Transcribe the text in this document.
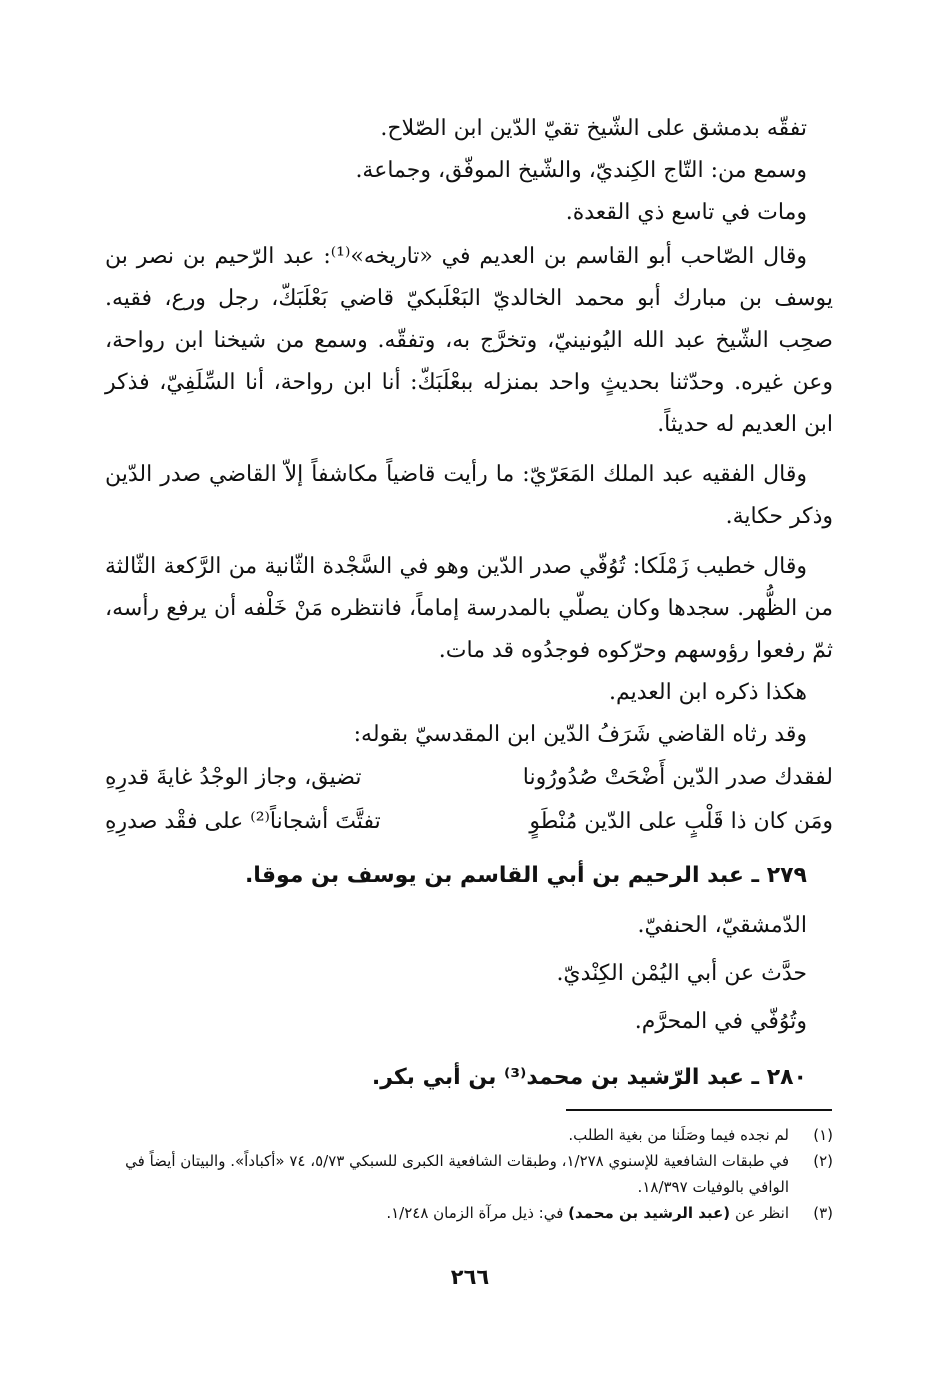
تفقّه بدمشق على الشّيخ تقيّ الدّين ابن الصّلاح.
وسمع من: التّاج الكِنديّ، والشّيخ الموفّق، وجماعة.
ومات في تاسع ذي القعدة.

وقال الصّاحب أبو القاسم بن العديم في «تاريخه»⁽¹⁾: عبد الرّحيم بن نصر بن يوسف بن مبارك أبو محمد الخالديّ البَعْلَبكيّ قاضي بَعْلَبَكّ، رجل ورع، فقيه. صحِب الشّيخ عبد الله اليُونينيّ، وتخرَّج به، وتفقّه. وسمع من شيخنا ابن رواحة، وعن غيره. وحدّثنا بحديثٍ واحد بمنزله ببعْلَبَكّ: أنا ابن رواحة، أنا السِّلَفِيّ، فذكر ابن العديم له حديثاً.

وقال الفقيه عبد الملك المَعَرّيّ: ما رأيت قاضياً مكاشفاً إلاّ القاضي صدر الدّين وذكر حكاية.

وقال خطيب زَمْلَكا: تُوُفّي صدر الدّين وهو في السَّجْدة الثّانية من الرَّكعة الثّالثة من الظُّهر. سجدها وكان يصلّي بالمدرسة إماماً، فانتظره مَنْ خَلْفه أن يرفع رأسه، ثمّ رفعوا رؤوسهم وحرّكوه فوجدُوه قد مات.

هكذا ذكره ابن العديم.
وقد رثاه القاضي شَرَفُ الدّين ابن المقدسيّ بقوله:
لفقدك صدر الدّين أَضْحَتْ صُدُورُونا
تضيق، وجاز الوجْدُ غايةَ قدرِهِ
ومَن كان ذا قَلْبٍ على الدّين مُنْطَوٍ
تفتَّتَ أشجاناً⁽²⁾ على فقْد صدرِهِ
٢٧٩ ـ عبد الرحيم بن أبي القاسم بن يوسف بن موقا.
الدّمشقيّ، الحنفيّ.
حدَّث عن أبي اليُمْن الكِنْديّ.
وتُوُفّي في المحرَّم.
٢٨٠ ـ عبد الرّشيد بن محمد⁽³⁾ بن أبي بكر.
(١)
لم نجده فيما وصَلَنا من بغية الطلب.
(٢)
في طبقات الشافعية للإسنوي ١/٢٧٨، وطبقات الشافعية الكبرى للسبكي ٥/٧٣، ٧٤ «أكباداً». والبيتان أيضاً في الوافي بالوفيات ١٨/٣٩٧.
(٣)
انظر عن (عبد الرشيد بن محمد) في: ذيل مرآة الزمان ١/٢٤٨.
٢٦٦
